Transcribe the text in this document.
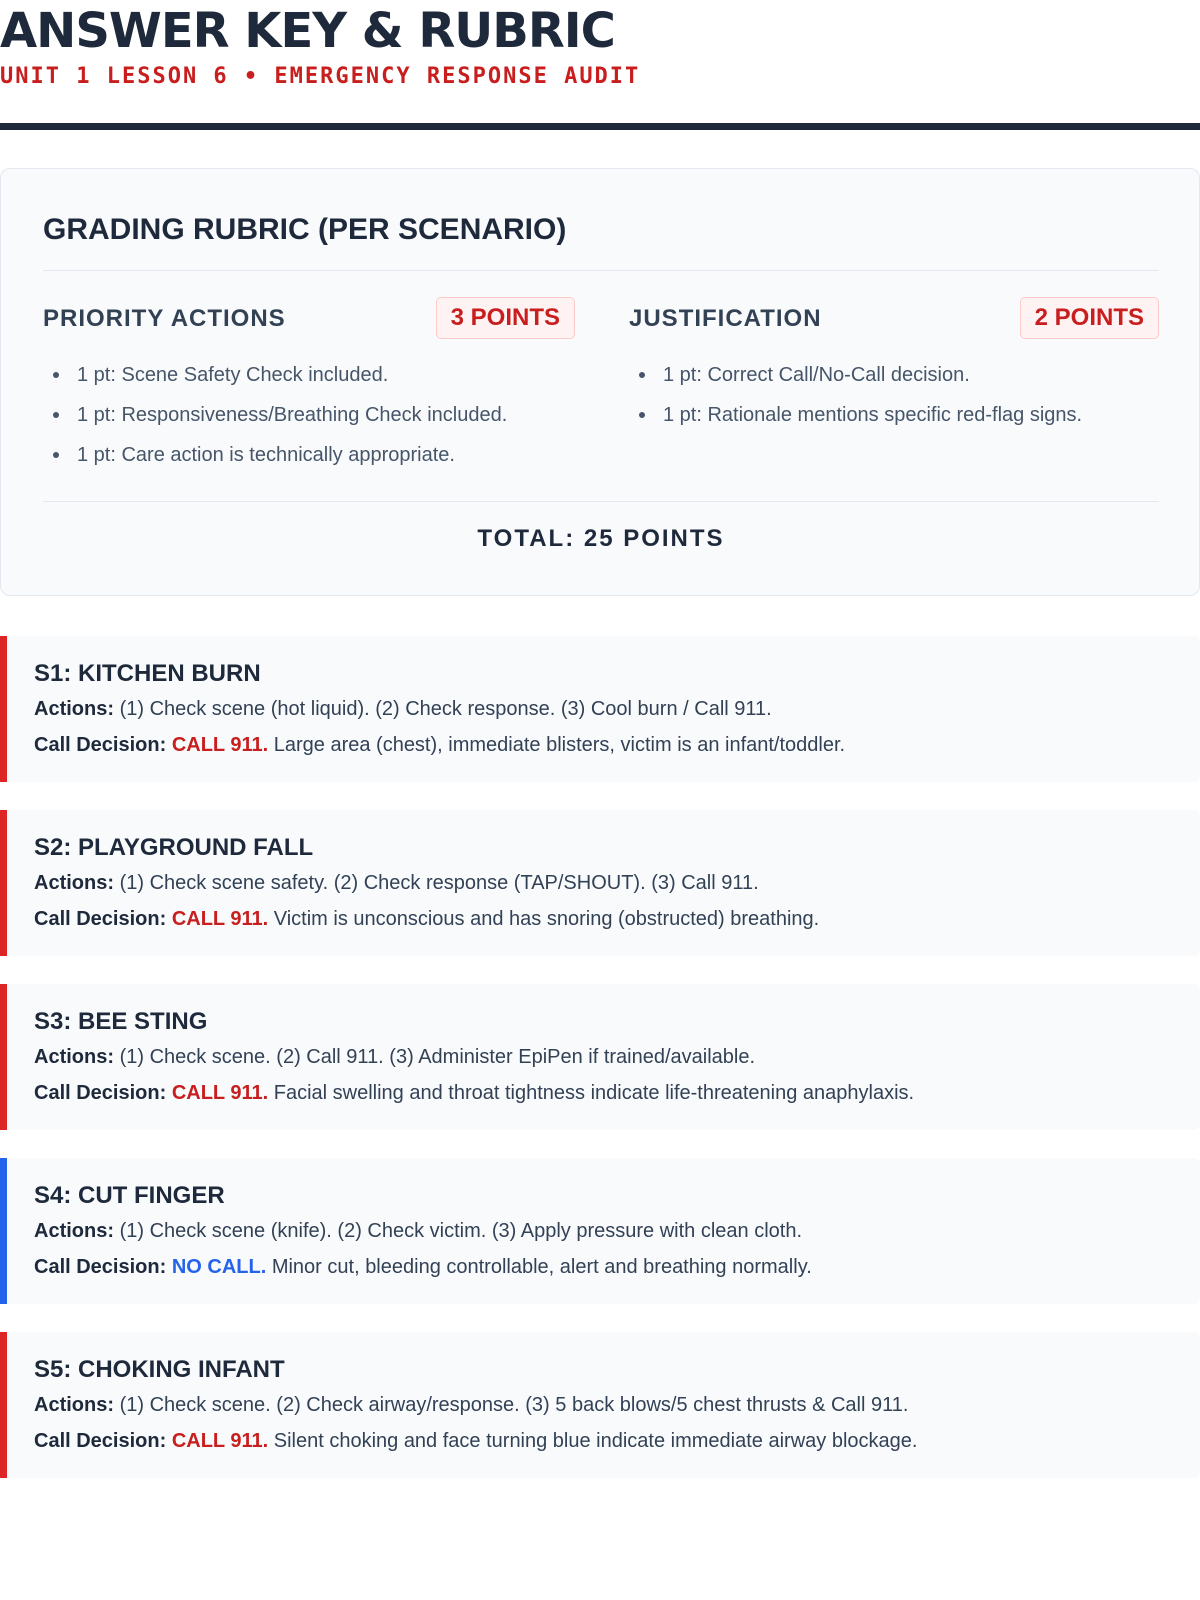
ANSWER KEY & RUBRIC
UNIT 1 LESSON 6 • EMERGENCY RESPONSE AUDIT
GRADING RUBRIC (PER SCENARIO)
PRIORITY ACTIONS	3 POINTS
1 pt: Scene Safety Check included.
1 pt: Responsiveness/Breathing Check included.
1 pt: Care action is technically appropriate.
JUSTIFICATION	2 POINTS
1 pt: Correct Call/No-Call decision.
1 pt: Rationale mentions specific red-flag signs.
TOTAL: 25 POINTS
S1: KITCHEN BURN
Actions: (1) Check scene (hot liquid). (2) Check response. (3) Cool burn / Call 911.
Call Decision: CALL 911. Large area (chest), immediate blisters, victim is an infant/toddler.
S2: PLAYGROUND FALL
Actions: (1) Check scene safety. (2) Check response (TAP/SHOUT). (3) Call 911.
Call Decision: CALL 911. Victim is unconscious and has snoring (obstructed) breathing.
S3: BEE STING
Actions: (1) Check scene. (2) Call 911. (3) Administer EpiPen if trained/available.
Call Decision: CALL 911. Facial swelling and throat tightness indicate life-threatening anaphylaxis.
S4: CUT FINGER
Actions: (1) Check scene (knife). (2) Check victim. (3) Apply pressure with clean cloth.
Call Decision: NO CALL. Minor cut, bleeding controllable, alert and breathing normally.
S5: CHOKING INFANT
Actions: (1) Check scene. (2) Check airway/response. (3) 5 back blows/5 chest thrusts & Call 911.
Call Decision: CALL 911. Silent choking and face turning blue indicate immediate airway blockage.
